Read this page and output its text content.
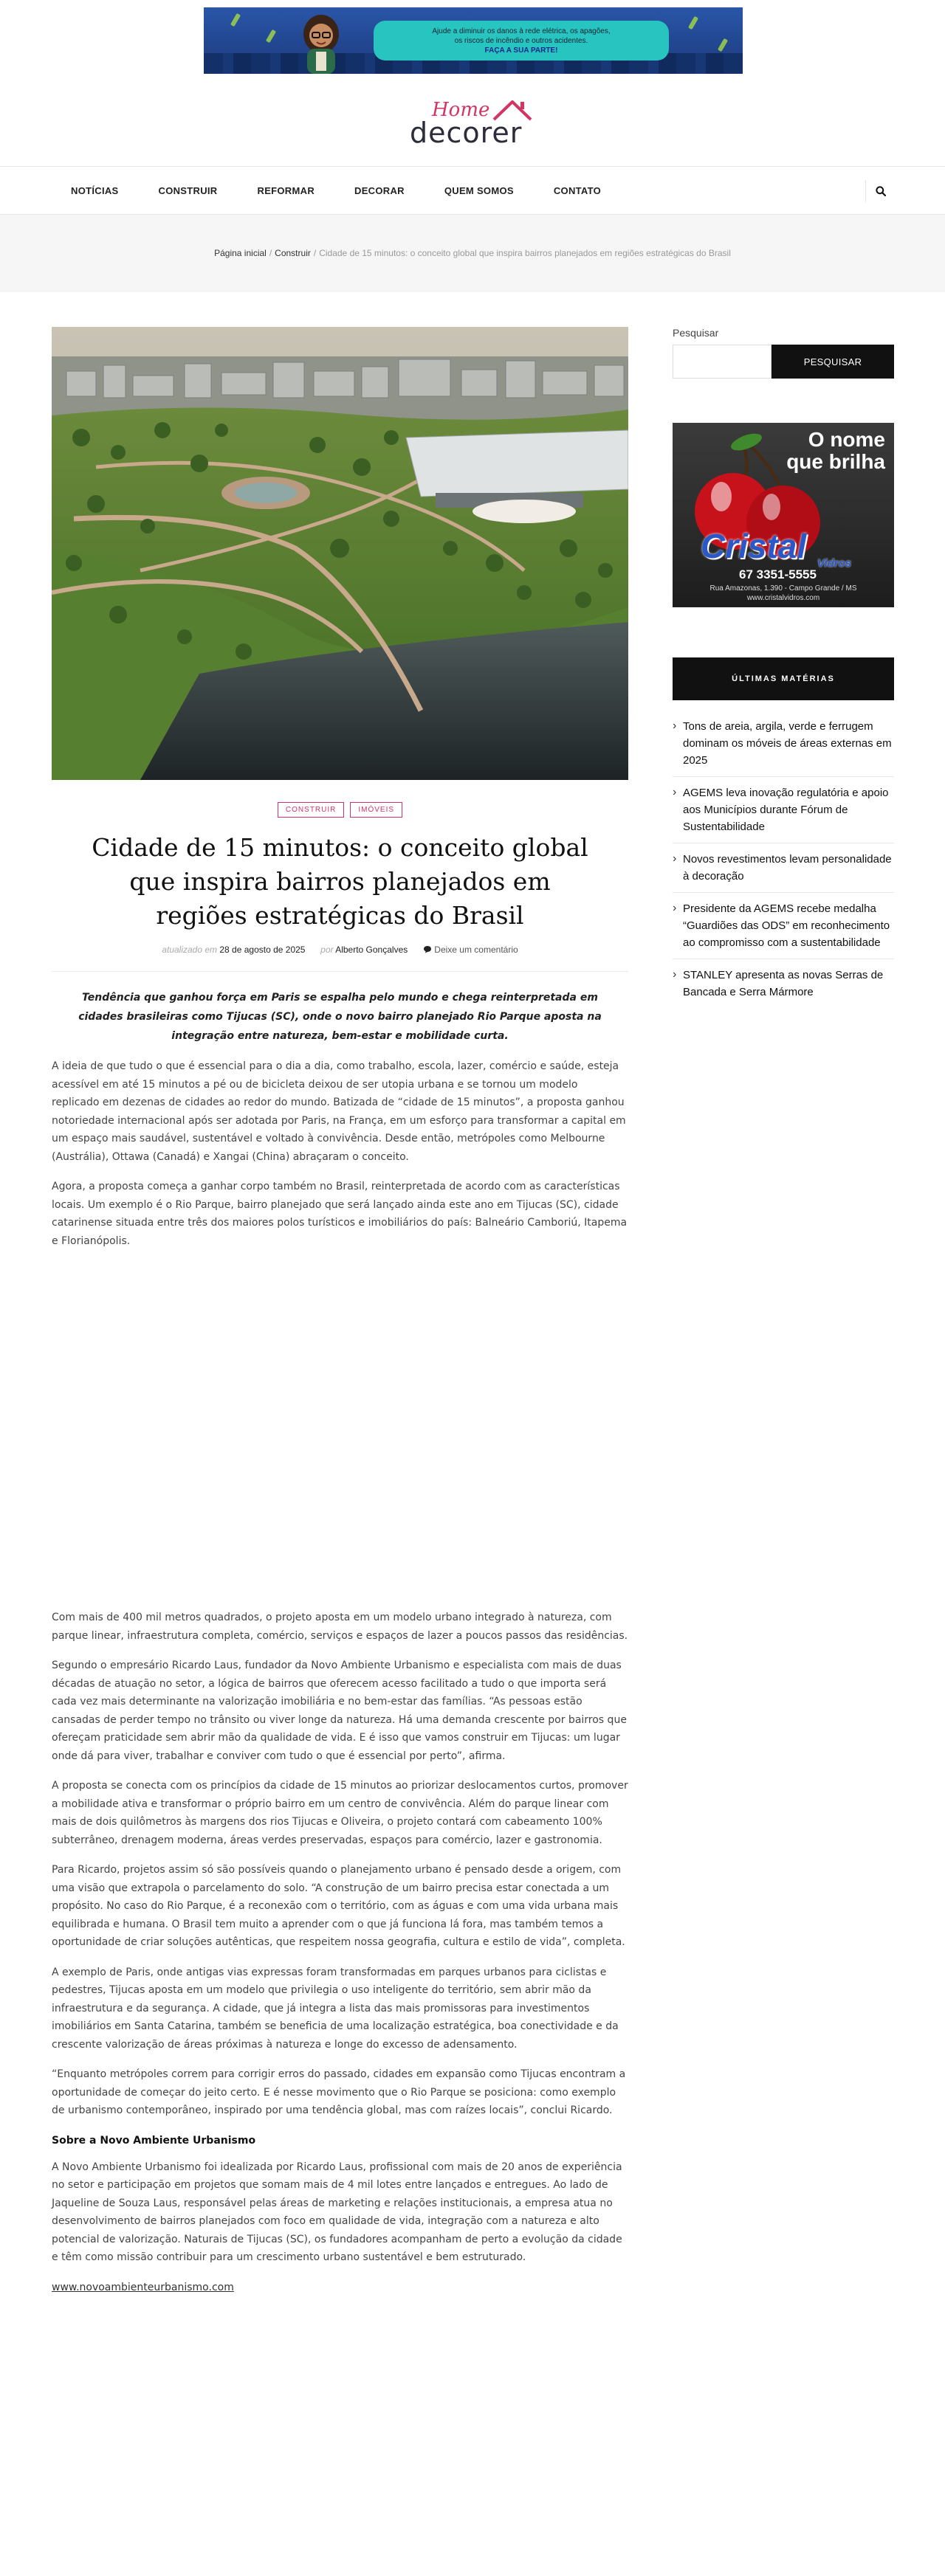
Ajude a diminuir os danos à rede elétrica, os apagões,
os riscos de incêndio e outros acidentes.
FAÇA A SUA PARTE!
Home
decorer
NOTÍCIAS	CONSTRUIR	REFORMAR	DECORAR	QUEM SOMOS	CONTATO
Página inicial / Construir / Cidade de 15 minutos: o conceito global que inspira bairros planejados em regiões estratégicas do Brasil
CONSTRUIR	IMÓVEIS
Cidade de 15 minutos: o conceito global que inspira bairros planejados em regiões estratégicas do Brasil
atualizado em 28 de agosto de 2025 por Alberto Gonçalves	Deixe um comentário

Tendência que ganhou força em Paris se espalha pelo mundo e chega reinterpretada em cidades brasileiras como Tijucas (SC), onde o novo bairro planejado Rio Parque aposta na integração entre natureza, bem-estar e mobilidade curta.

A ideia de que tudo o que é essencial para o dia a dia, como trabalho, escola, lazer, comércio e saúde, esteja acessível em até 15 minutos a pé ou de bicicleta deixou de ser utopia urbana e se tornou um modelo replicado em dezenas de cidades ao redor do mundo. Batizada de “cidade de 15 minutos”, a proposta ganhou notoriedade internacional após ser adotada por Paris, na França, em um esforço para transformar a capital em um espaço mais saudável, sustentável e voltado à convivência. Desde então, metrópoles como Melbourne (Austrália), Ottawa (Canadá) e Xangai (China) abraçaram o conceito.

Agora, a proposta começa a ganhar corpo também no Brasil, reinterpretada de acordo com as características locais. Um exemplo é o Rio Parque, bairro planejado que será lançado ainda este ano em Tijucas (SC), cidade catarinense situada entre três dos maiores polos turísticos e imobiliários do país: Balneário Camboriú, Itapema e Florianópolis.

Com mais de 400 mil metros quadrados, o projeto aposta em um modelo urbano integrado à natureza, com parque linear, infraestrutura completa, comércio, serviços e espaços de lazer a poucos passos das residências.

Segundo o empresário Ricardo Laus, fundador da Novo Ambiente Urbanismo e especialista com mais de duas décadas de atuação no setor, a lógica de bairros que oferecem acesso facilitado a tudo o que importa será cada vez mais determinante na valorização imobiliária e no bem-estar das famílias. “As pessoas estão cansadas de perder tempo no trânsito ou viver longe da natureza. Há uma demanda crescente por bairros que ofereçam praticidade sem abrir mão da qualidade de vida. E é isso que vamos construir em Tijucas: um lugar onde dá para viver, trabalhar e conviver com tudo o que é essencial por perto”, afirma.

A proposta se conecta com os princípios da cidade de 15 minutos ao priorizar deslocamentos curtos, promover a mobilidade ativa e transformar o próprio bairro em um centro de convivência. Além do parque linear com mais de dois quilômetros às margens dos rios Tijucas e Oliveira, o projeto contará com cabeamento 100% subterrâneo, drenagem moderna, áreas verdes preservadas, espaços para comércio, lazer e gastronomia.

Para Ricardo, projetos assim só são possíveis quando o planejamento urbano é pensado desde a origem, com uma visão que extrapola o parcelamento do solo. “A construção de um bairro precisa estar conectada a um propósito. No caso do Rio Parque, é a reconexão com o território, com as águas e com uma vida urbana mais equilibrada e humana. O Brasil tem muito a aprender com o que já funciona lá fora, mas também temos a oportunidade de criar soluções autênticas, que respeitem nossa geografia, cultura e estilo de vida”, completa.

A exemplo de Paris, onde antigas vias expressas foram transformadas em parques urbanos para ciclistas e pedestres, Tijucas aposta em um modelo que privilegia o uso inteligente do território, sem abrir mão da infraestrutura e da segurança. A cidade, que já integra a lista das mais promissoras para investimentos imobiliários em Santa Catarina, também se beneficia de uma localização estratégica, boa conectividade e da crescente valorização de áreas próximas à natureza e longe do excesso de adensamento.

“Enquanto metrópoles correm para corrigir erros do passado, cidades em expansão como Tijucas encontram a oportunidade de começar do jeito certo. E é nesse movimento que o Rio Parque se posiciona: como exemplo de urbanismo contemporâneo, inspirado por uma tendência global, mas com raízes locais”, conclui Ricardo.

Sobre a Novo Ambiente Urbanismo

A Novo Ambiente Urbanismo foi idealizada por Ricardo Laus, profissional com mais de 20 anos de experiência no setor e participação em projetos que somam mais de 4 mil lotes entre lançados e entregues. Ao lado de Jaqueline de Souza Laus, responsável pelas áreas de marketing e relações institucionais, a empresa atua no desenvolvimento de bairros planejados com foco em qualidade de vida, integração com a natureza e alto potencial de valorização. Naturais de Tijucas (SC), os fundadores acompanham de perto a evolução da cidade e têm como missão contribuir para um crescimento urbano sustentável e bem estruturado.

www.novoambienteurbanismo.com
Pesquisar
PESQUISAR
O nome
que brilha
Cristal Vidros
67 3351-5555
Rua Amazonas, 1.390 - Campo Grande / MS
www.cristalvidros.com
ÚLTIMAS MATÉRIAS
› Tons de areia, argila, verde e ferrugem dominam os móveis de áreas externas em 2025
› AGEMS leva inovação regulatória e apoio aos Municípios durante Fórum de Sustentabilidade
› Novos revestimentos levam personalidade à decoração
› Presidente da AGEMS recebe medalha “Guardiões das ODS” em reconhecimento ao compromisso com a sustentabilidade
› STANLEY apresenta as novas Serras de Bancada e Serra Mármore
